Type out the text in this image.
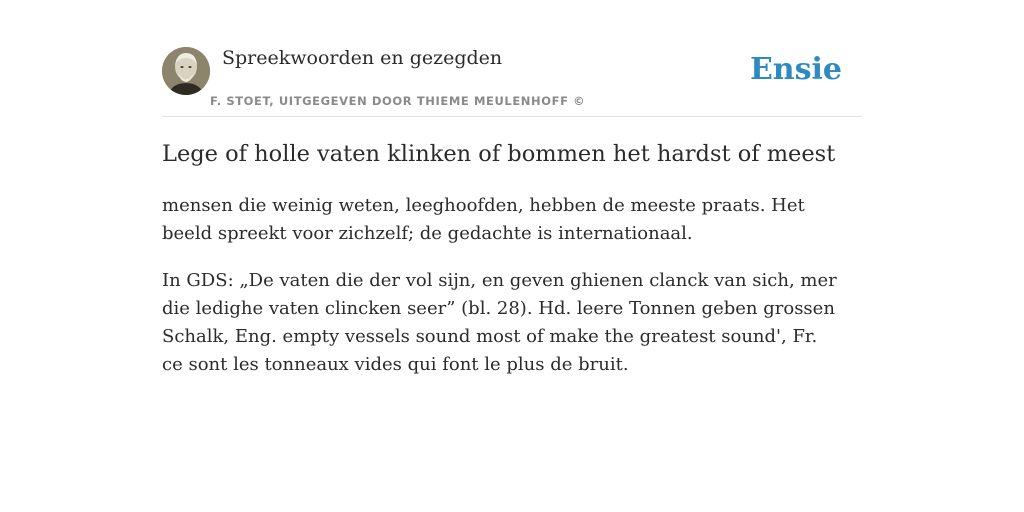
Spreekwoorden en gezegden
F. STOET, UITGEGEVEN DOOR THIEME MEULENHOFF ©
Ensie
Lege of holle vaten klinken of bommen het hardst of meest

mensen die weinig weten, leeghoofden, hebben de meeste praats. Het beeld spreekt voor zichzelf; de gedachte is internationaal.

In GDS: „De vaten die der vol sijn, en geven ghienen clanck van sich, mer die ledighe vaten clincken seer” (bl. 28). Hd. leere Tonnen geben grossen Schalk, Eng. empty vessels sound most of make the greatest sound', Fr. ce sont les tonneaux vides qui font le plus de bruit.
